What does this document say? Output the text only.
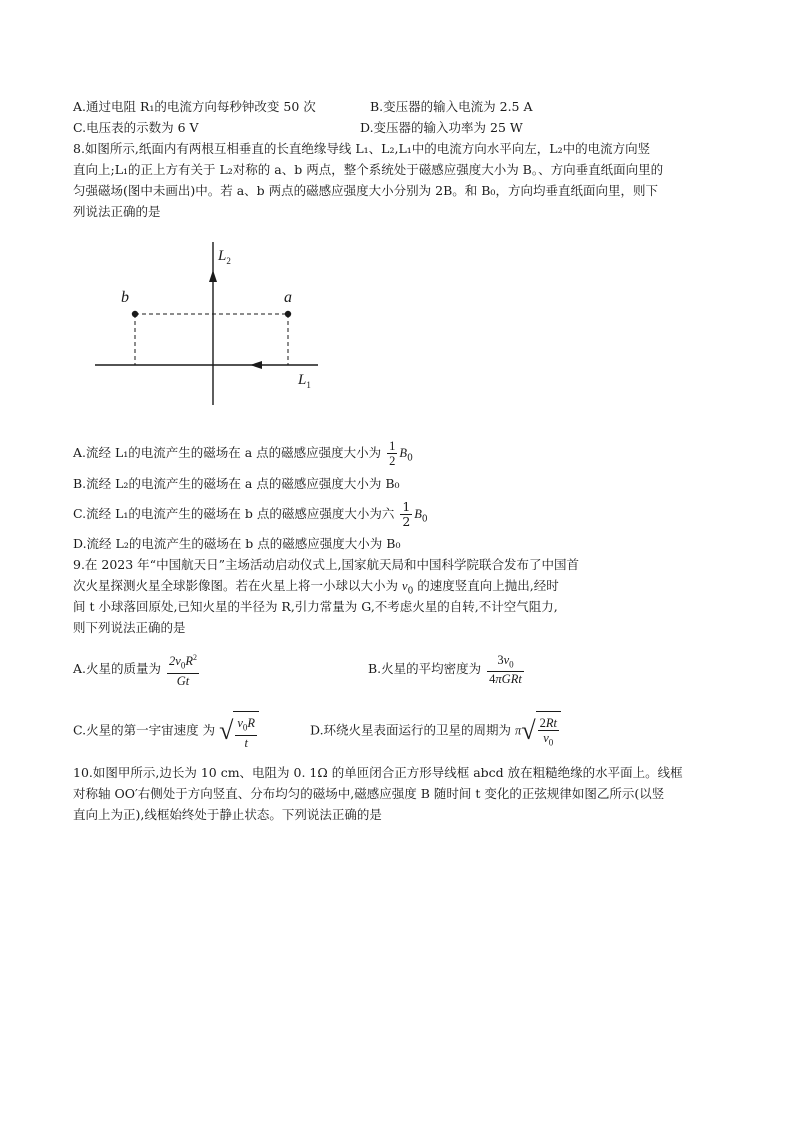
A.通过电阻 R₁的电流方向每秒钟改变 50 次	B.变压器的输入电流为 2.5 A
C.电压表的示数为 6 V	D.变压器的输入功率为 25 W
8.如图所示,纸面内有两根互相垂直的长直绝缘导线 L₁、L₂,L₁中的电流方向水平向左，L₂中的电流方向竖
直向上;L₁的正上方有关于 L₂对称的 a、b 两点，整个系统处于磁感应强度大小为 B。、方向垂直纸面向里的
匀强磁场(图中未画出)中。若 a、b 两点的磁感应强度大小分别为 2B。和 B₀，方向均垂直纸面向里，则下
列说法正确的是
$L_2$
$L_1$
a
b
A.流经 L₁的电流产生的磁场在 a 点的磁感应强度大小为 $\frac{1}{2} B_0$
B.流经 L₂的电流产生的磁场在 a 点的磁感应强度大小为 B₀
C.流经 L₁的电流产生的磁场在 b 点的磁感应强度大小为六 $\frac{1}{2} B_0$
D.流经 L₂的电流产生的磁场在 b 点的磁感应强度大小为 B₀
9.在 2023 年“中国航天日”主场活动启动仪式上,国家航天局和中国科学院联合发布了中国首
次火星探测火星全球影像图。若在火星上将一小球以大小为 $v_0$ 的速度竖直向上抛出,经时
间 t 小球落回原处,已知火星的半径为 R,引力常量为 G,不考虑火星的自转,不计空气阻力,
则下列说法正确的是
A.火星的质量为 $\frac{2v_0R^2}{Gt}$	B.火星的平均密度为 $\frac{3v_0}{\text{4πGRt}}$
C.火星的第一宇宙速度 为 √ $\frac{v_0R}{t}$	D.环绕火星表面运行的卫星的周期为 $\pi√ \frac{2Rt}{v_0}$
10.如图甲所示,边长为 10 cm、电阻为 0. 1Ω 的单匝闭合正方形导线框 abcd 放在粗糙绝缘的水平面上。线框
对称轴 OO′右侧处于方向竖直、分布均匀的磁场中,磁感应强度 B 随时间 t 变化的正弦规律如图乙所示(以竖
直向上为正),线框始终处于静止状态。下列说法正确的是
